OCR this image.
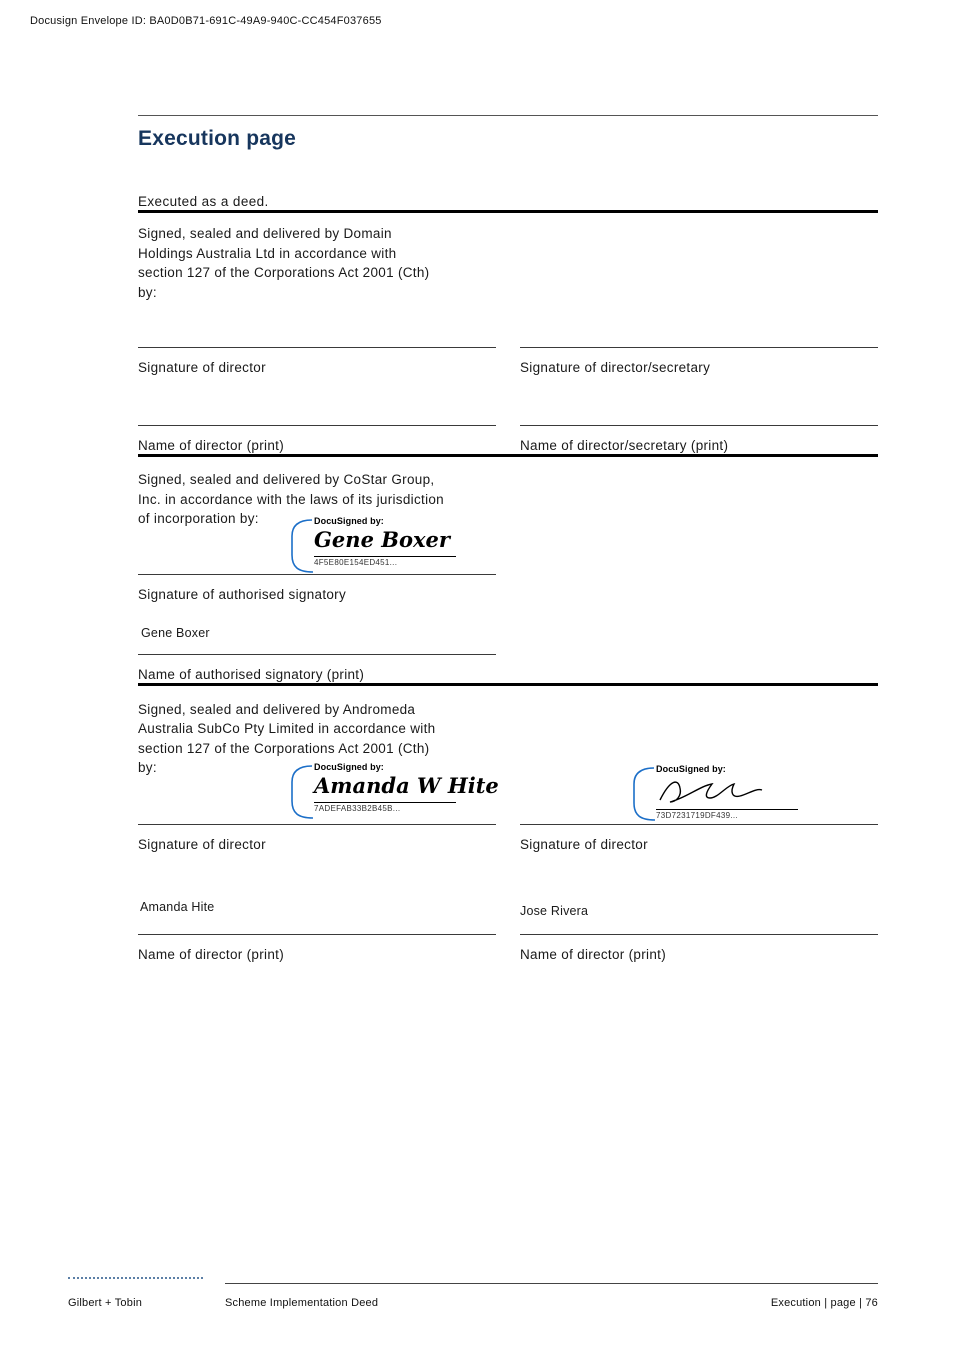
Docusign Envelope ID: BA0D0B71-691C-49A9-940C-CC454F037655
Execution page

Executed as a deed.

Signed, sealed and delivered by Domain
Holdings Australia Ltd in accordance with
section 127 of the Corporations Act 2001 (Cth)
by:
Signature of director	Signature of director/secretary
Name of director (print)	Name of director/secretary (print)
Signed, sealed and delivered by CoStar Group,
Inc. in accordance with the laws of its jurisdiction
of incorporation by:	DocuSigned by:
Gene Boxer
4F5E80E154ED451...
Signature of authorised signatory
Gene Boxer
Name of authorised signatory (print)
Signed, sealed and delivered by Andromeda
Australia SubCo Pty Limited in accordance with
section 127 of the Corporations Act 2001 (Cth)
by:	DocuSigned by:
Amanda W Hite
7ADEFAB33B2B45B...
DocuSigned by:
73D7231719DF439...
Signature of director	Signature of director
Amanda Hite	Jose Rivera
Name of director (print)	Name of director (print)
Gilbert + Tobin	Scheme Implementation Deed	Execution | page | 76
